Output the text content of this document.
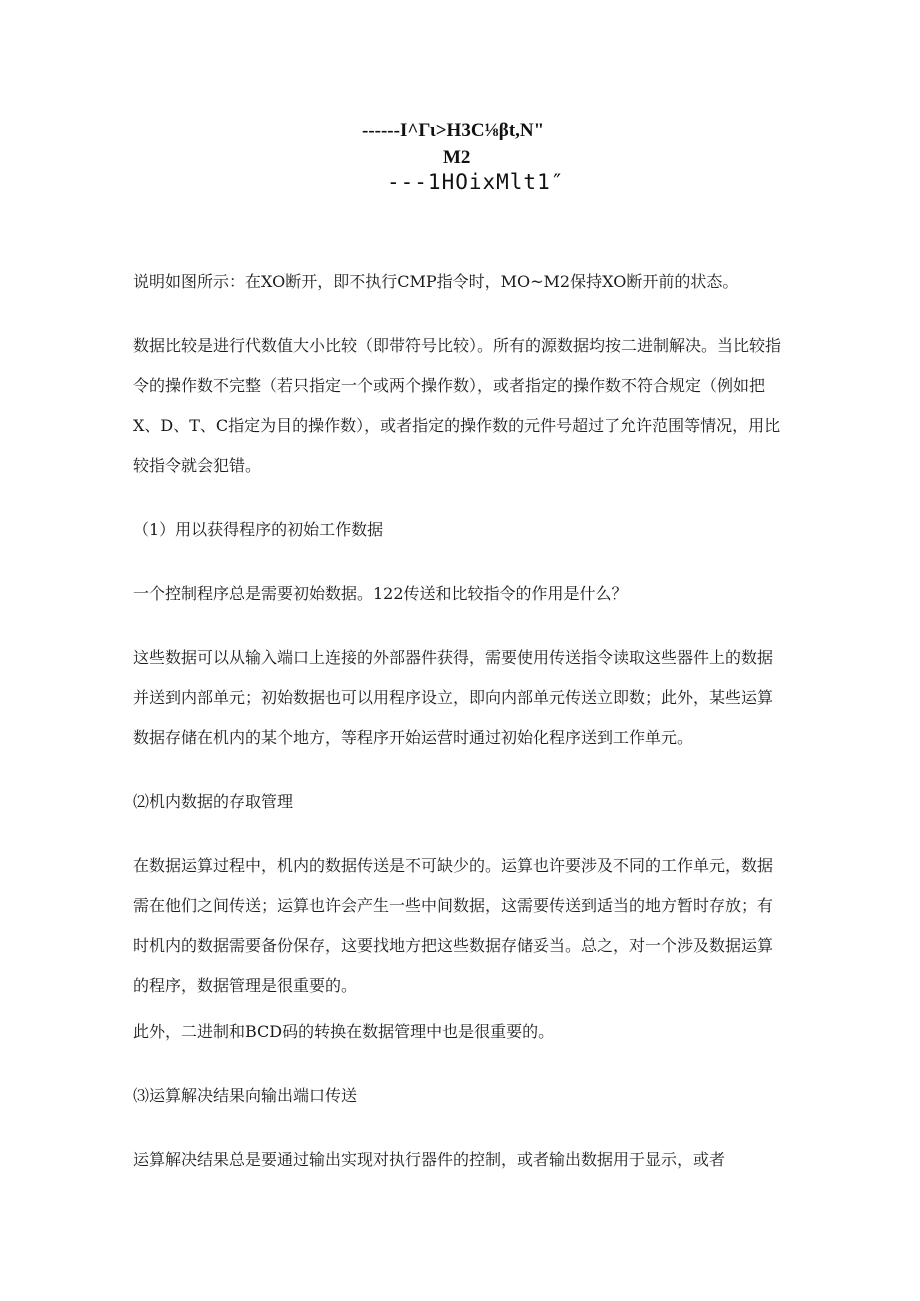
------I^Γι>H3C⅛βt,N"
M2
---1HOixMlt1″

说明如图所示：在XO断开，即不执行CMP指令时，MO~M2保持XO断开前的状态。

数据比较是进行代数值大小比较（即带符号比较）。所有的源数据均按二进制解决。当比较指令的操作数不完整（若只指定一个或两个操作数），或者指定的操作数不符合规定（例如把X、D、T、C指定为目的操作数），或者指定的操作数的元件号超过了允许范围等情况，用比较指令就会犯错。

（1）用以获得程序的初始工作数据

一个控制程序总是需要初始数据。122传送和比较指令的作用是什么？

这些数据可以从输入端口上连接的外部器件获得，需要使用传送指令读取这些器件上的数据并送到内部单元；初始数据也可以用程序设立，即向内部单元传送立即数；此外，某些运算数据存储在机内的某个地方，等程序开始运营时通过初始化程序送到工作单元。

⑵机内数据的存取管理

在数据运算过程中，机内的数据传送是不可缺少的。运算也许要涉及不同的工作单元，数据需在他们之间传送；运算也许会产生一些中间数据，这需要传送到适当的地方暂时存放；有时机内的数据需要备份保存，这要找地方把这些数据存储妥当。总之，对一个涉及数据运算的程序，数据管理是很重要的。

此外，二进制和BCD码的转换在数据管理中也是很重要的。

⑶运算解决结果向输出端口传送

运算解决结果总是要通过输出实现对执行器件的控制，或者输出数据用于显示，或者
